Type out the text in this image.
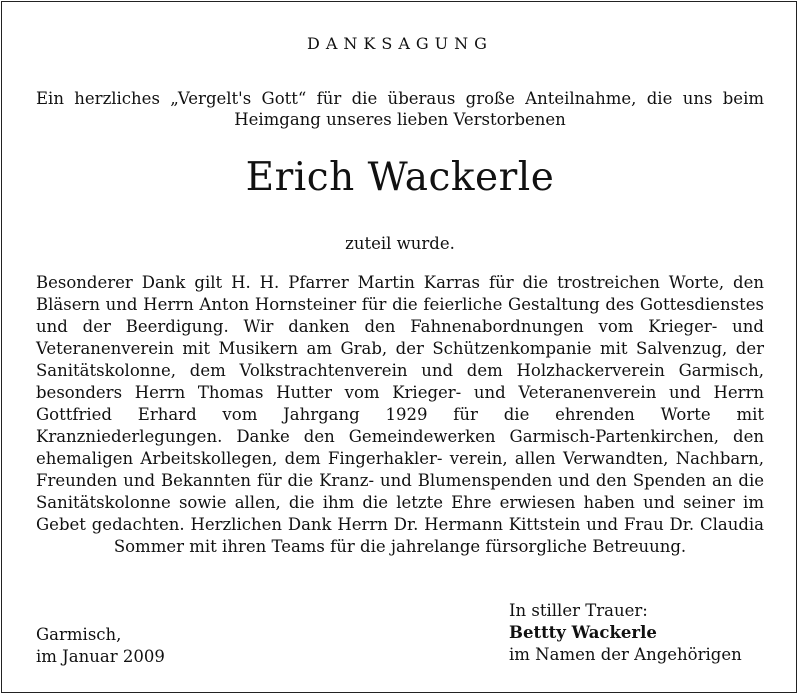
DANKSAGUNG
Ein herzliches „Vergelt's Gott“ für die überaus große Anteilnahme, die uns beim Heimgang unseres lieben Verstorbenen
Erich Wackerle
zuteil wurde.
Besonderer Dank gilt H. H. Pfarrer Martin Karras für die trostreichen Worte, den Bläsern und Herrn Anton Hornsteiner für die feierliche Gestaltung des Gottesdienstes und der Beerdigung. Wir danken den Fahnenabordnungen vom Krieger- und Veteranenverein mit Musikern am Grab, der Schützenkompanie mit Salvenzug, der Sanitätskolonne, dem Volkstrachtenverein und dem Holzhackerverein Garmisch, besonders Herrn Thomas Hutter vom Krieger- und Veteranenverein und Herrn Gottfried Erhard vom Jahrgang 1929 für die ehrenden Worte mit Kranzniederlegungen. Danke den Gemeindewerken Garmisch-Partenkirchen, den ehemaligen Arbeitskollegen, dem Fingerhakler- verein, allen Verwandten, Nachbarn, Freunden und Bekannten für die Kranz- und Blumenspenden und den Spenden an die Sanitätskolonne sowie allen, die ihm die letzte Ehre erwiesen haben und seiner im Gebet gedachten. Herzlichen Dank Herrn Dr. Hermann Kittstein und Frau Dr. Claudia Sommer mit ihren Teams für die jahrelange fürsorgliche Betreuung.
Garmisch,
im Januar 2009
In stiller Trauer:
Bettty Wackerle
im Namen der Angehörigen
